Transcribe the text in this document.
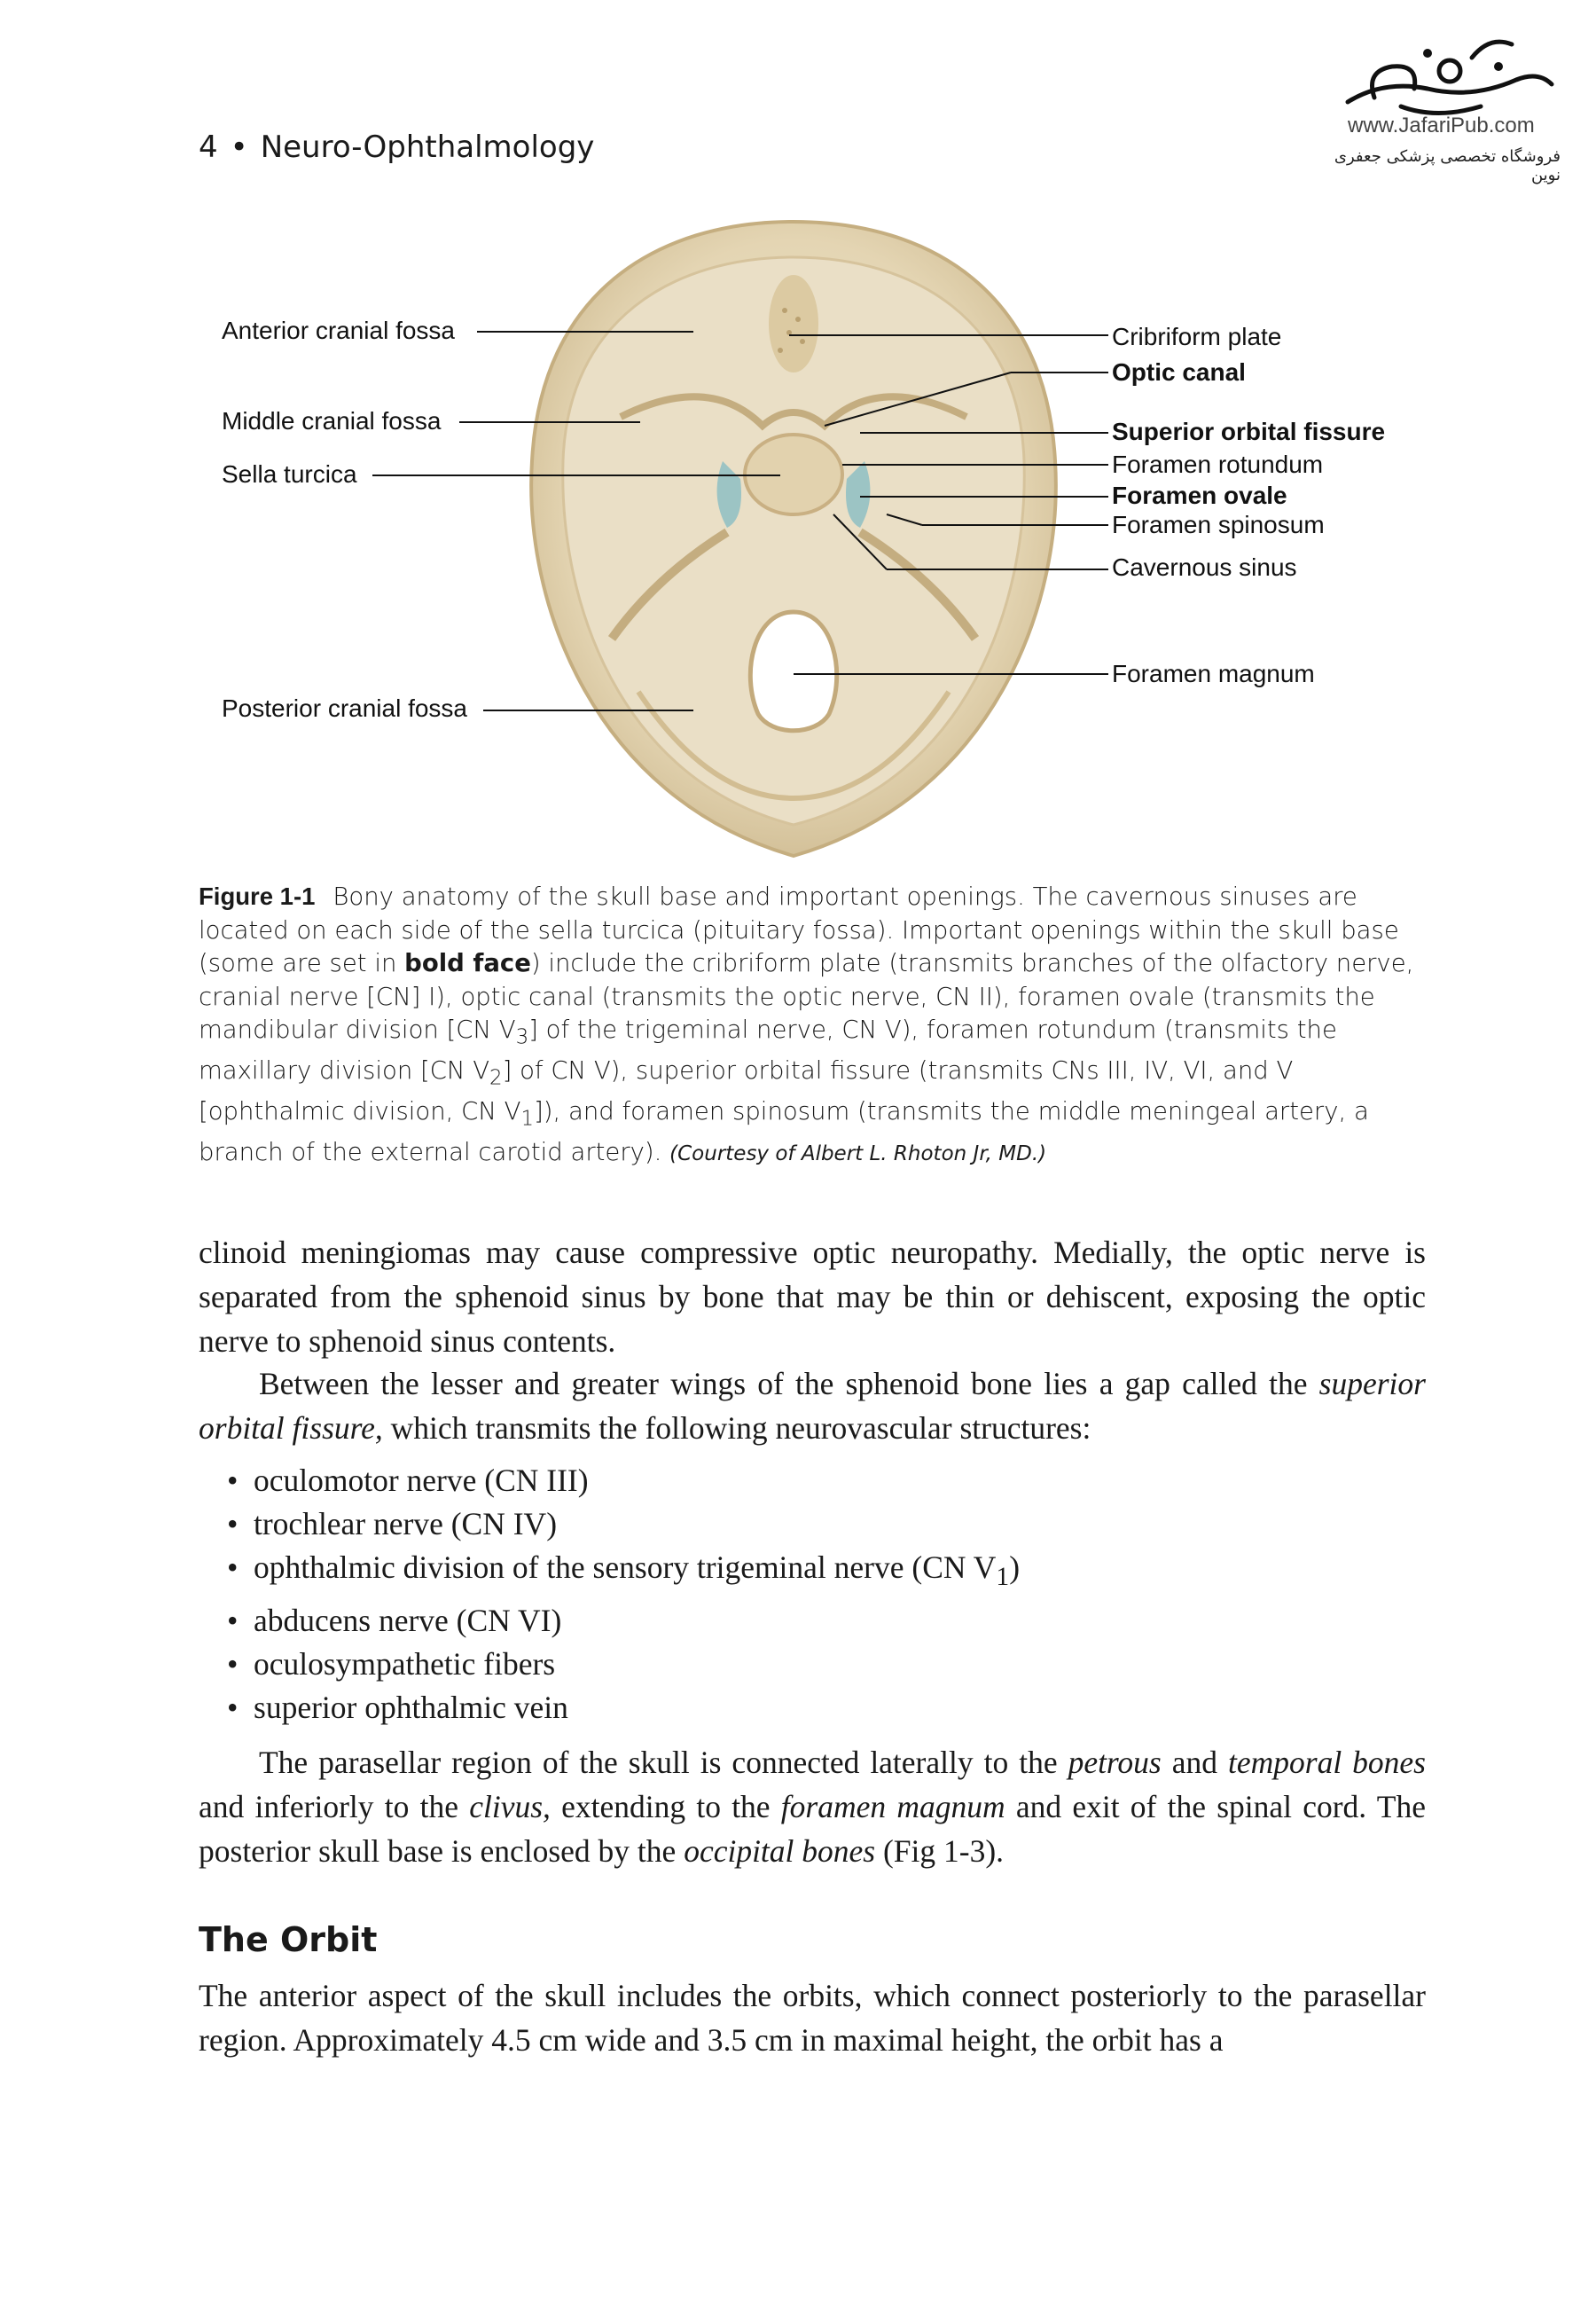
4 • Neuro-Ophthalmology
www.JafariPub.com
فروشگاه تخصصی پزشکی جعفری نوین
Anterior cranial fossa
Middle cranial fossa
Sella turcica
Posterior cranial fossa
Cribriform plate
Optic canal
Superior orbital fissure
Foramen rotundum
Foramen ovale
Foramen spinosum
Cavernous sinus
Foramen magnum
Figure 1-1 Bony anatomy of the skull base and important openings. The cavernous sinuses are located on each side of the sella turcica (pituitary fossa). Important openings within the skull base (some are set in bold face) include the cribriform plate (transmits branches of the olfactory nerve, cranial nerve [CN] I), optic canal (transmits the optic nerve, CN II), foramen ovale (transmits the mandibular division [CN $V_3$] of the trigeminal nerve, CN V), foramen rotundum (transmits the maxillary division [CN $V_2$] of CN V), superior orbital fissure (transmits CNs III, IV, VI, and V [ophthalmic division, CN $V_1$]), and foramen spinosum (transmits the middle meningeal artery, a branch of the external carotid artery). (Courtesy of Albert L. Rhoton Jr, MD.)
clinoid meningiomas may cause compressive optic neuropathy. Medially, the optic nerve is separated from the sphenoid sinus by bone that may be thin or dehiscent, exposing the optic nerve to sphenoid sinus contents.
Between the lesser and greater wings of the sphenoid bone lies a gap called the superior orbital fissure, which transmits the following neurovascular structures:
• oculomotor nerve (CN III)
• trochlear nerve (CN IV)
• ophthalmic division of the sensory trigeminal nerve (CN $V_1$)
• abducens nerve (CN VI)
• oculosympathetic fibers
• superior ophthalmic vein
The parasellar region of the skull is connected laterally to the petrous and temporal bones and inferiorly to the clivus, extending to the foramen magnum and exit of the spinal cord. The posterior skull base is enclosed by the occipital bones (Fig 1-3).
The Orbit
The anterior aspect of the skull includes the orbits, which connect posteriorly to the parasellar region. Approximately 4.5 cm wide and 3.5 cm in maximal height, the orbit has a
